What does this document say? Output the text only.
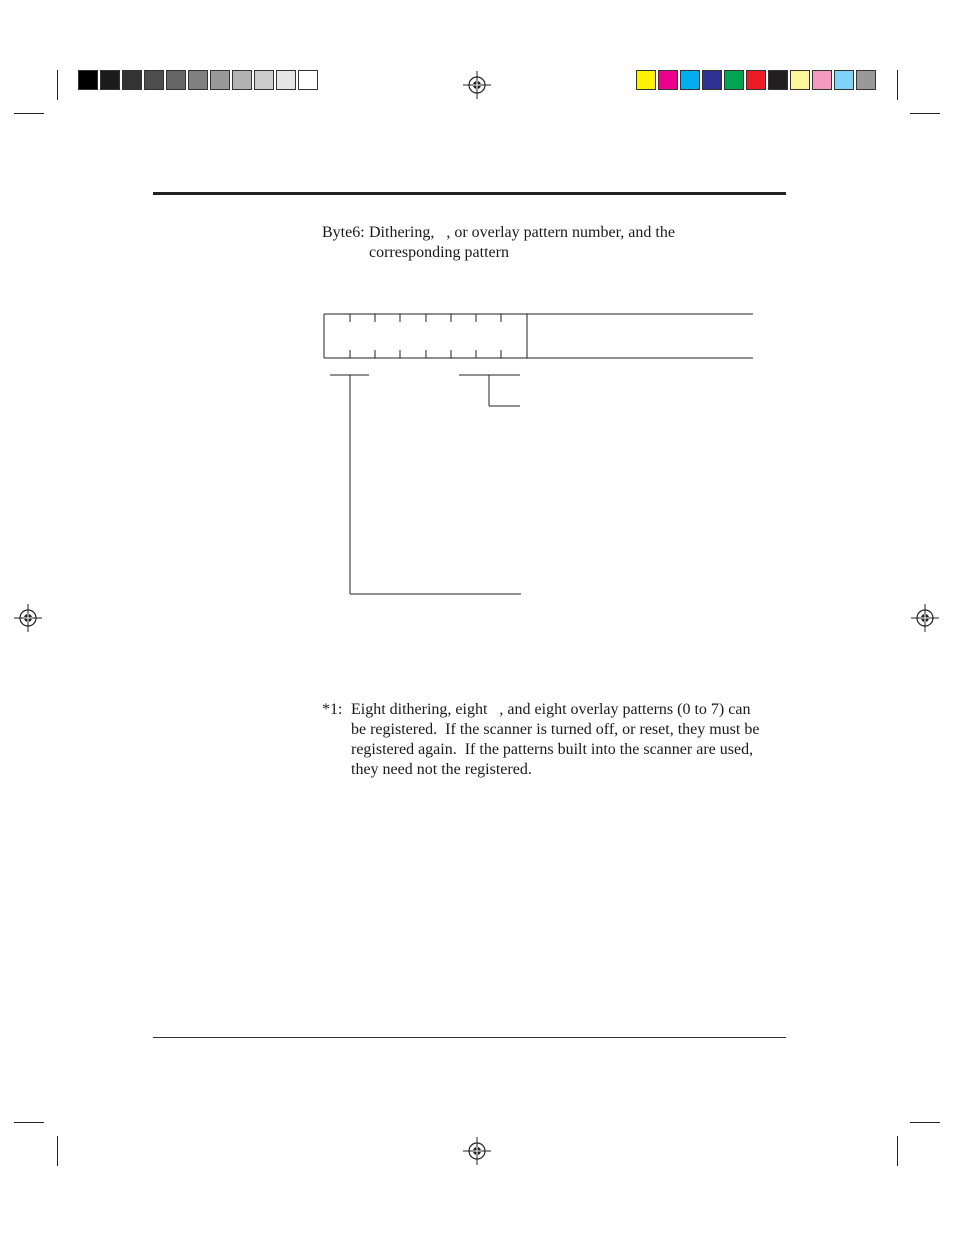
Byte6: Dithering,   , or overlay pattern number, and the
corresponding pattern
*1: Eight dithering, eight   , and eight overlay patterns (0 to 7) can
be registered.  If the scanner is turned off, or reset, they must be
registered again.  If the patterns built into the scanner are used,
they need not the registered.
